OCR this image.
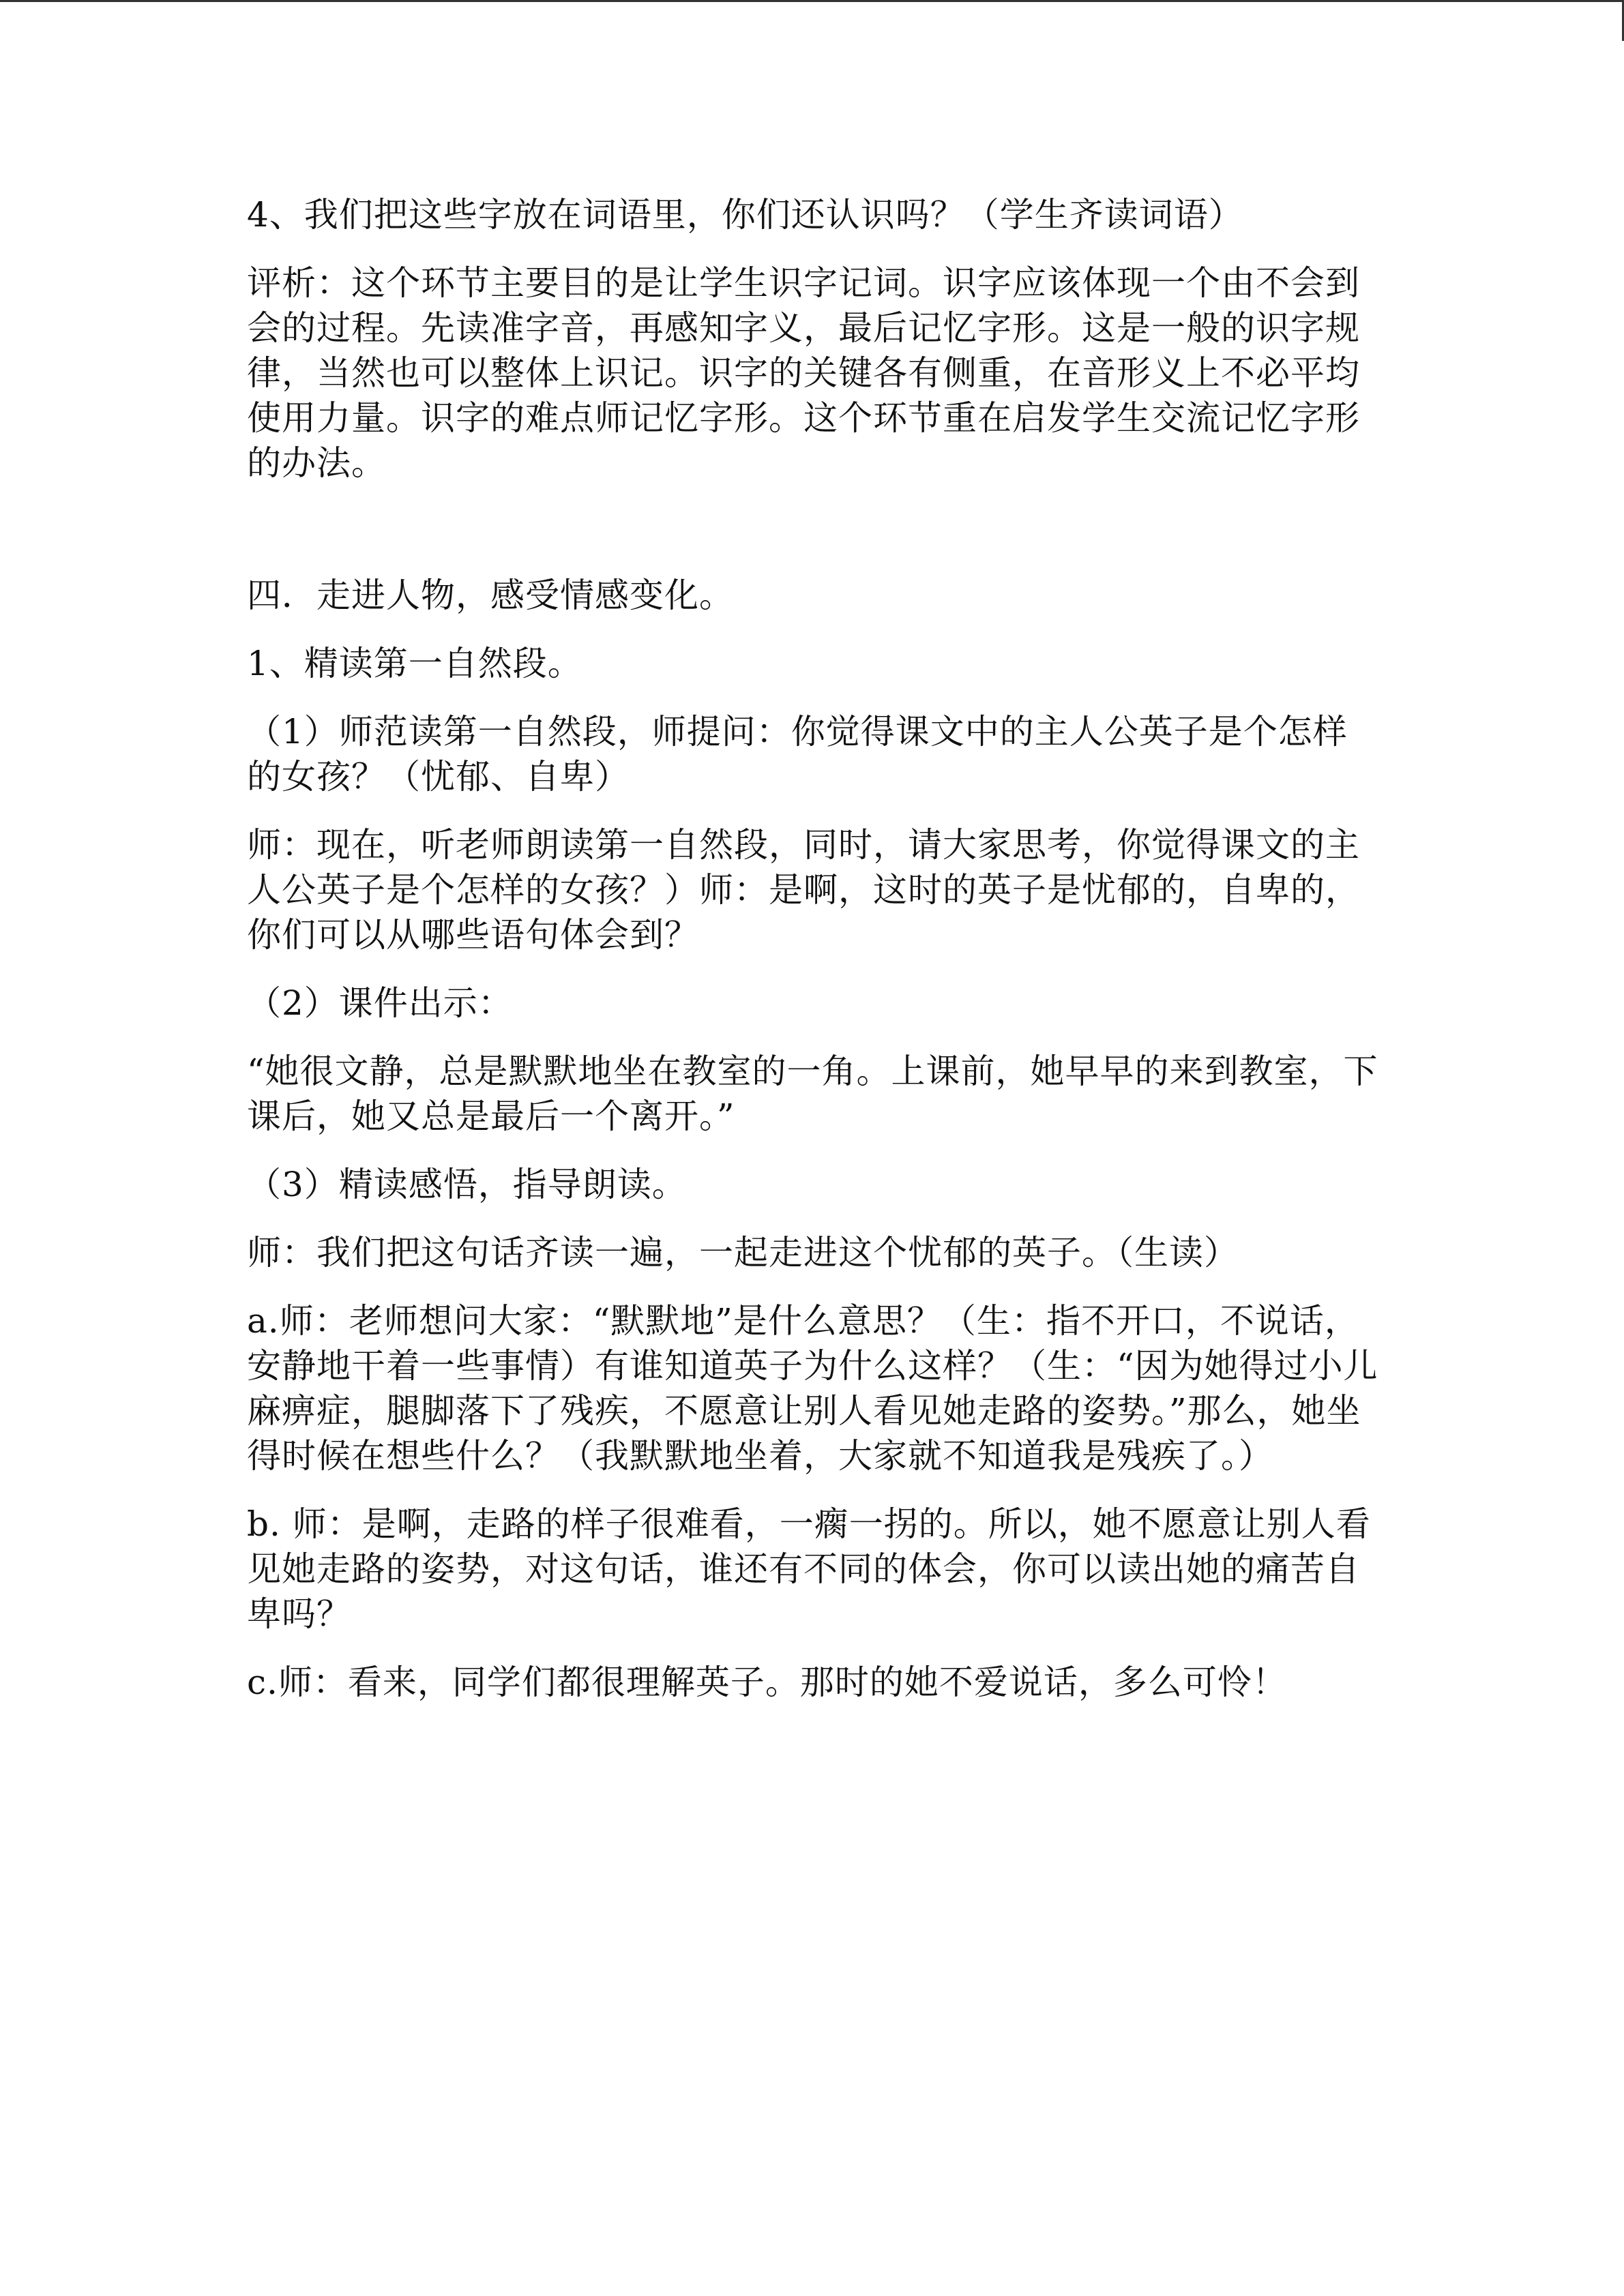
4、我们把这些字放在词语里，你们还认识吗？（学生齐读词语）

评析：这个环节主要目的是让学生识字记词。识字应该体现一个由不会到会的过程。先读准字音，再感知字义，最后记忆字形。这是一般的识字规律，当然也可以整体上识记。识字的关键各有侧重，在音形义上不必平均使用力量。识字的难点师记忆字形。这个环节重在启发学生交流记忆字形的办法。

四．走进人物，感受情感变化。

1、精读第一自然段。

（1）师范读第一自然段，师提问：你觉得课文中的主人公英子是个怎样的女孩？（忧郁、自卑）

师：现在，听老师朗读第一自然段，同时，请大家思考，你觉得课文的主人公英子是个怎样的女孩？）师：是啊，这时的英子是忧郁的，自卑的，你们可以从哪些语句体会到？

（2）课件出示：

“她很文静，总是默默地坐在教室的一角。上课前，她早早的来到教室，下课后，她又总是最后一个离开。”

（3）精读感悟，指导朗读。

师：我们把这句话齐读一遍，一起走进这个忧郁的英子。（生读）

a.师：老师想问大家：“默默地”是什么意思？（生：指不开口，不说话，安静地干着一些事情）有谁知道英子为什么这样？（生：“因为她得过小儿麻痹症，腿脚落下了残疾，不愿意让别人看见她走路的姿势。”那么，她坐得时候在想些什么？（我默默地坐着，大家就不知道我是残疾了。）

b. 师：是啊，走路的样子很难看，一瘸一拐的。所以，她不愿意让别人看见她走路的姿势，对这句话，谁还有不同的体会，你可以读出她的痛苦自卑吗？

c.师：看来，同学们都很理解英子。那时的她不爱说话，多么可怜！
